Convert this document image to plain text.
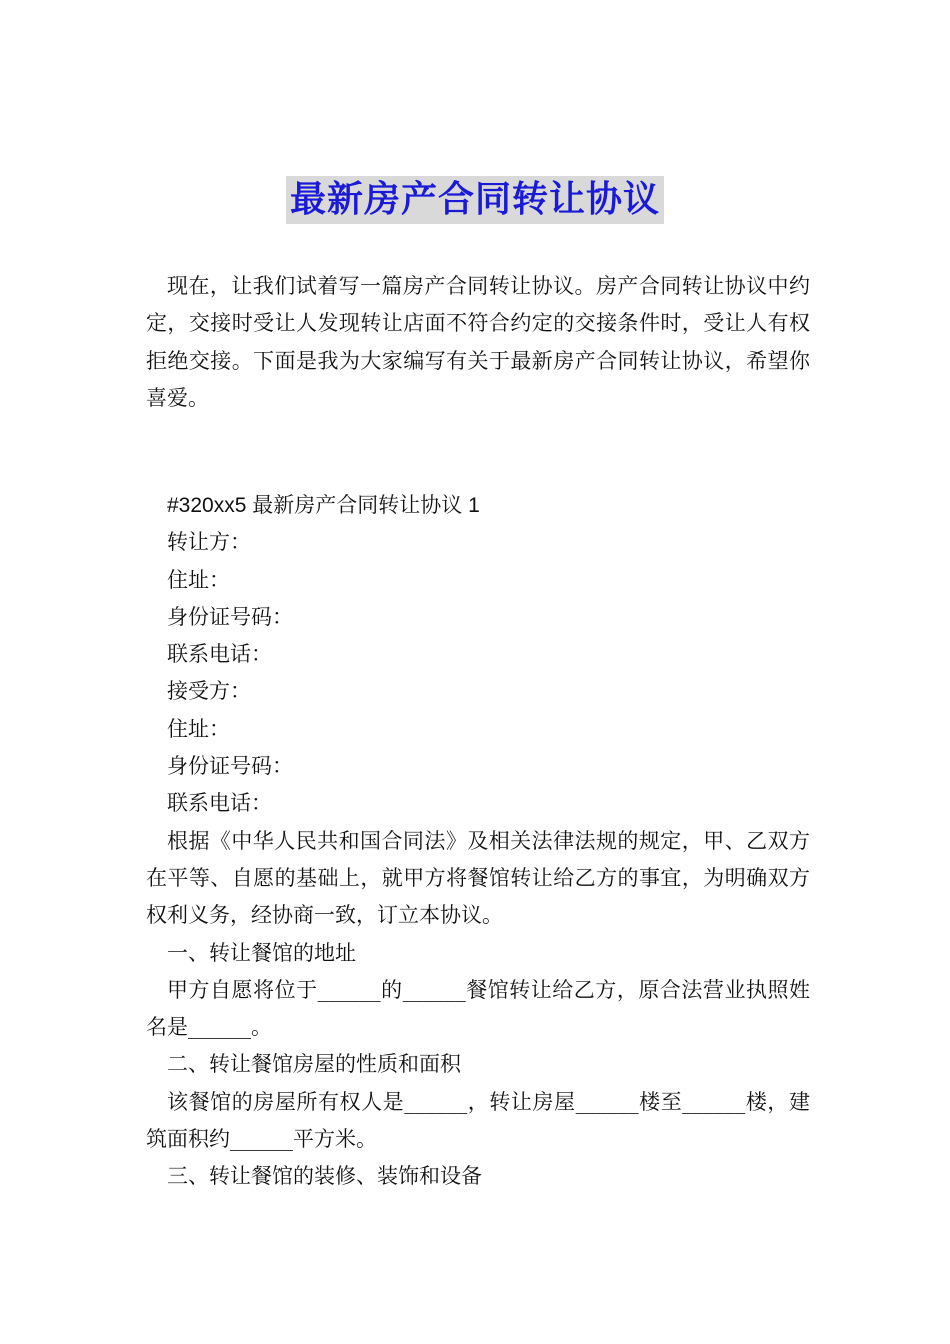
最新房产合同转让协议

现在，让我们试着写一篇房产合同转让协议。房产合同转让协议中约定，交接时受让人发现转让店面不符合约定的交接条件时，受让人有权拒绝交接。下面是我为大家编写有关于最新房产合同转让协议，希望你喜爱。

#320xx5 最新房产合同转让协议 1

转让方：

住址：

身份证号码：

联系电话：

接受方：

住址：

身份证号码：

联系电话：

根据《中华人民共和国合同法》及相关法律法规的规定，甲、乙双方在平等、自愿的基础上，就甲方将餐馆转让给乙方的事宜，为明确双方权利义务，经协商一致，订立本协议。

一、转让餐馆的地址

甲方自愿将位于______的______餐馆转让给乙方，原合法营业执照姓名是______。

二、转让餐馆房屋的性质和面积

该餐馆的房屋所有权人是______，转让房屋______楼至______楼，建筑面积约______平方米。

三、转让餐馆的装修、装饰和设备
